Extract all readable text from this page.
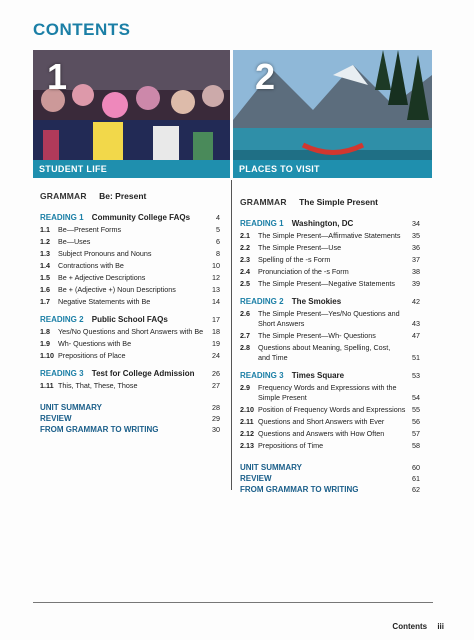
CONTENTS
1
STUDENT LIFE
2
PLACES TO VISIT
GRAMMAR Be: Present
READING 1 Community College FAQs	4
1.1	Be—Present Forms	5
1.2	Be—Uses	6
1.3	Subject Pronouns and Nouns	8
1.4	Contractions with Be	10
1.5	Be + Adjective Descriptions	12
1.6	Be + (Adjective +) Noun Descriptions	13
1.7	Negative Statements with Be	14
READING 2 Public School FAQs	17
1.8	Yes/No Questions and Short Answers with Be	18
1.9	Wh- Questions with Be	19
1.10 Prepositions of Place	24
READING 3 Test for College Admission 26
1.11 This, That, These, Those	27
UNIT SUMMARY	28
REVIEW	29
FROM GRAMMAR TO WRITING	30
GRAMMAR The Simple Present
READING 1 Washington, DC	34
2.1	The Simple Present—Affirmative Statements	35
2.2	The Simple Present—Use	36
2.3	Spelling of the -s Form	37
2.4	Pronunciation of the -s Form	38
2.5	The Simple Present—Negative Statements	39
READING 2 The Smokies	42
2.6	The Simple Present—Yes/No Questions and Short Answers	43
2.7	The Simple Present—Wh- Questions	47
2.8	Questions about Meaning, Spelling, Cost, and Time	51
READING 3 Times Square	53
2.9	Frequency Words and Expressions with the Simple Present	54
2.10 Position of Frequency Words and Expressions 55
2.11 Questions and Short Answers with Ever	56
2.12 Questions and Answers with How Often	57
2.13 Prepositions of Time	58
UNIT SUMMARY	60
REVIEW	61
FROM GRAMMAR TO WRITING	62
Contents iii
